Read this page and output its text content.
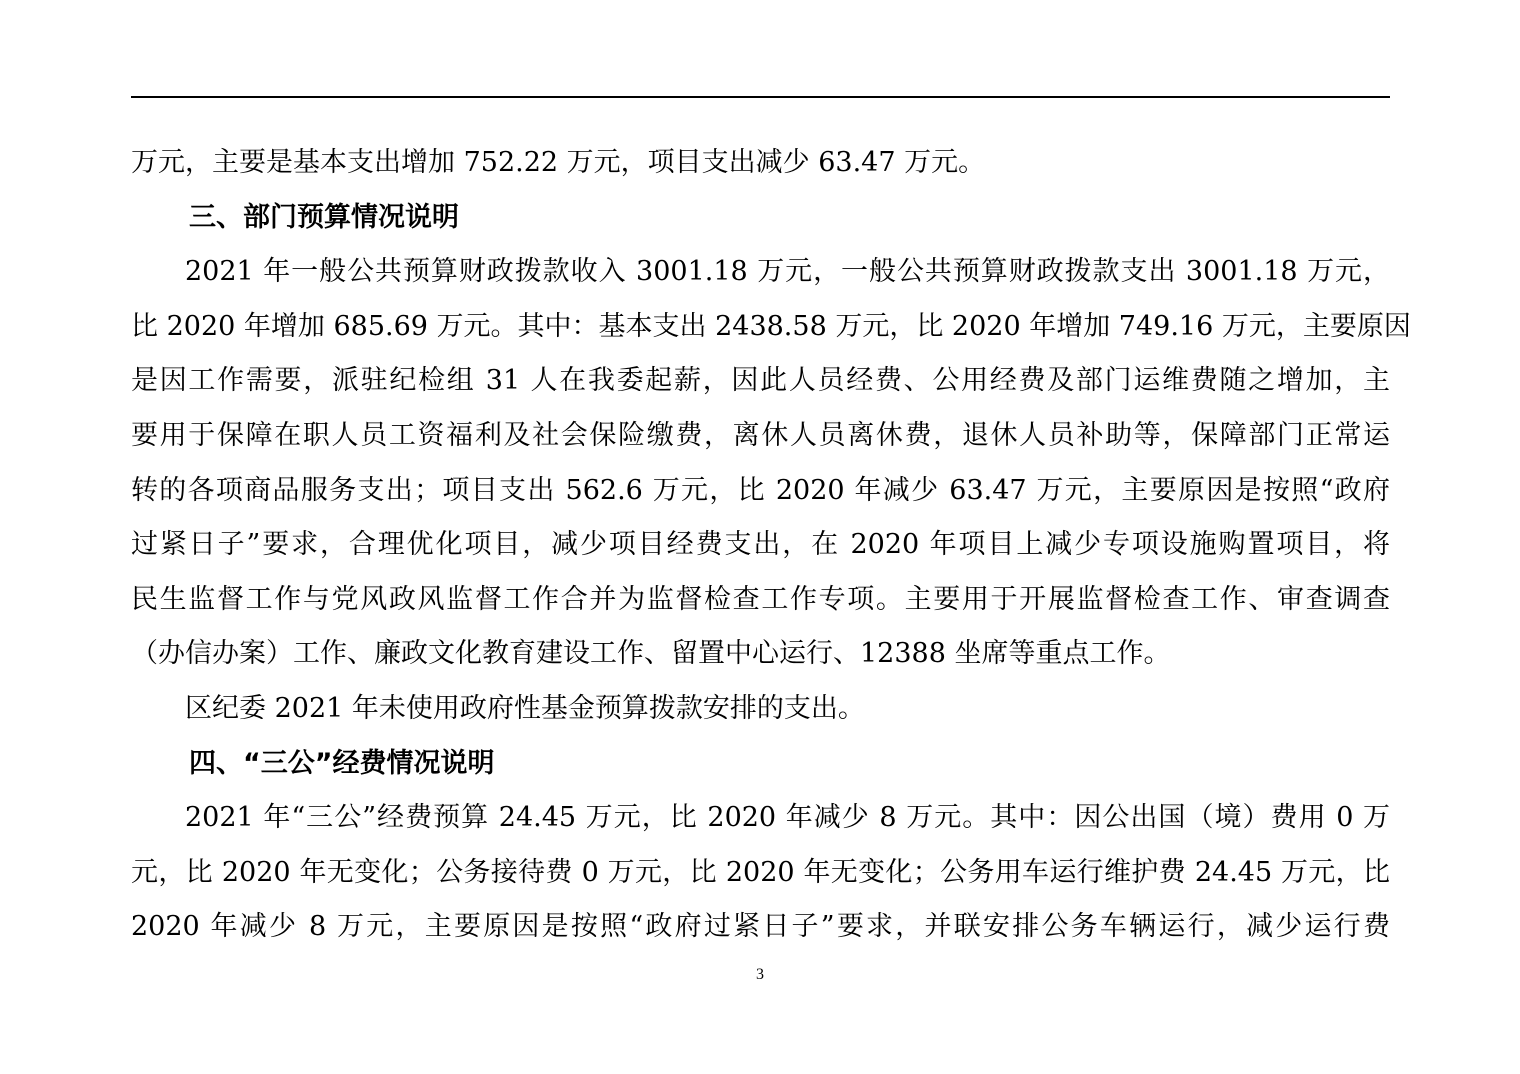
万元，主要是基本支出增加 752.22 万元，项目支出减少 63.47 万元。
三、部门预算情况说明
2021 年一般公共预算财政拨款收入 3001.18 万元，一般公共预算财政拨款支出 3001.18 万元，
比 2020 年增加 685.69 万元。其中：基本支出 2438.58 万元，比 2020 年增加 749.16 万元，主要原因
是因工作需要，派驻纪检组 31 人在我委起薪，因此人员经费、公用经费及部门运维费随之增加，主
要用于保障在职人员工资福利及社会保险缴费，离休人员离休费，退休人员补助等，保障部门正常运
转的各项商品服务支出；项目支出 562.6 万元，比 2020 年减少 63.47 万元，主要原因是按照“政府
过紧日子”要求，合理优化项目，减少项目经费支出，在 2020 年项目上减少专项设施购置项目，将
民生监督工作与党风政风监督工作合并为监督检查工作专项。主要用于开展监督检查工作、审查调查
（办信办案）工作、廉政文化教育建设工作、留置中心运行、12388 坐席等重点工作。
区纪委 2021 年未使用政府性基金预算拨款安排的支出。
四、“三公”经费情况说明
2021 年“三公”经费预算 24.45 万元，比 2020 年减少 8 万元。其中：因公出国（境）费用 0 万
元，比 2020 年无变化；公务接待费 0 万元，比 2020 年无变化；公务用车运行维护费 24.45 万元，比
2020 年减少 8 万元，主要原因是按照“政府过紧日子”要求，并联安排公务车辆运行，减少运行费
3
